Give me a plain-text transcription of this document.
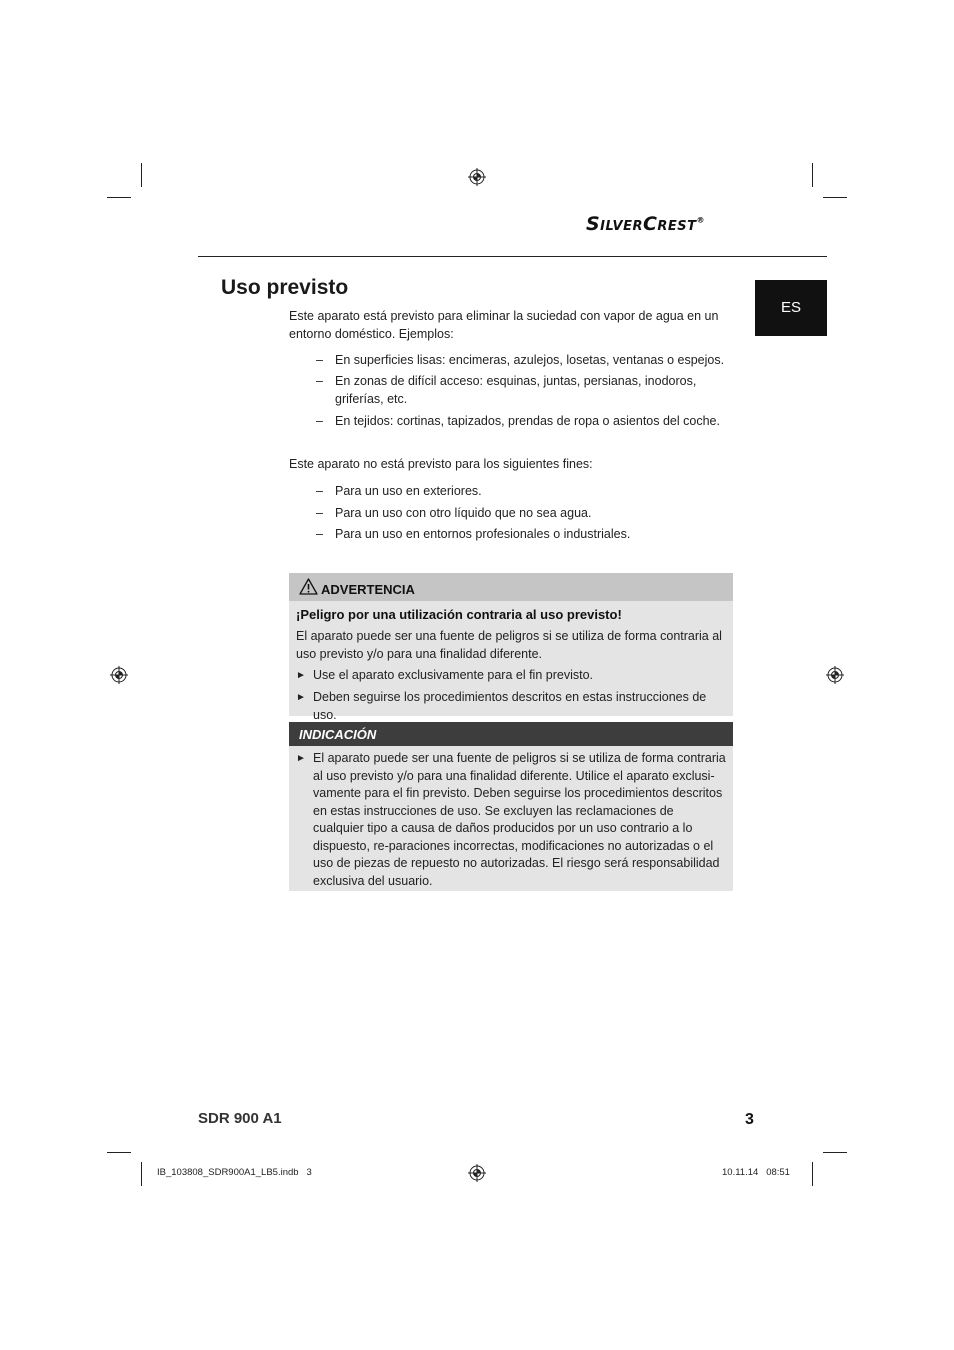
SilverCrest®
Uso previsto
ES

Este aparato está previsto para eliminar la suciedad con vapor de agua en un entorno doméstico. Ejemplos:

– En superficies lisas: encimeras, azulejos, losetas, ventanas o espejos.
– En zonas de difícil acceso: esquinas, juntas, persianas, inodoros, griferías, etc.
– En tejidos: cortinas, tapizados, prendas de ropa o asientos del coche.

Este aparato no está previsto para los siguientes fines:

– Para un uso en exteriores.
– Para un uso con otro líquido que no sea agua.
– Para un uso en entornos profesionales o industriales.
ADVERTENCIA
¡Peligro por una utilización contraria al uso previsto!
El aparato puede ser una fuente de peligros si se utiliza de forma contraria al uso previsto y/o para una finalidad diferente.
► Use el aparato exclusivamente para el fin previsto.
► Deben seguirse los procedimientos descritos en estas instrucciones de uso.
INDICACIÓN
► El aparato puede ser una fuente de peligros si se utiliza de forma contraria al uso previsto y/o para una finalidad diferente. Utilice el aparato exclusi-vamente para el fin previsto. Deben seguirse los procedimientos descritos en estas instrucciones de uso. Se excluyen las reclamaciones de cualquier tipo a causa de daños producidos por un uso contrario a lo dispuesto, re-paraciones incorrectas, modificaciones no autorizadas o el uso de piezas de repuesto no autorizadas. El riesgo será responsabilidad exclusiva del usuario.
SDR 900 A1	3
IB_103808_SDR900A1_LB5.indb   3	10.11.14   08:51
